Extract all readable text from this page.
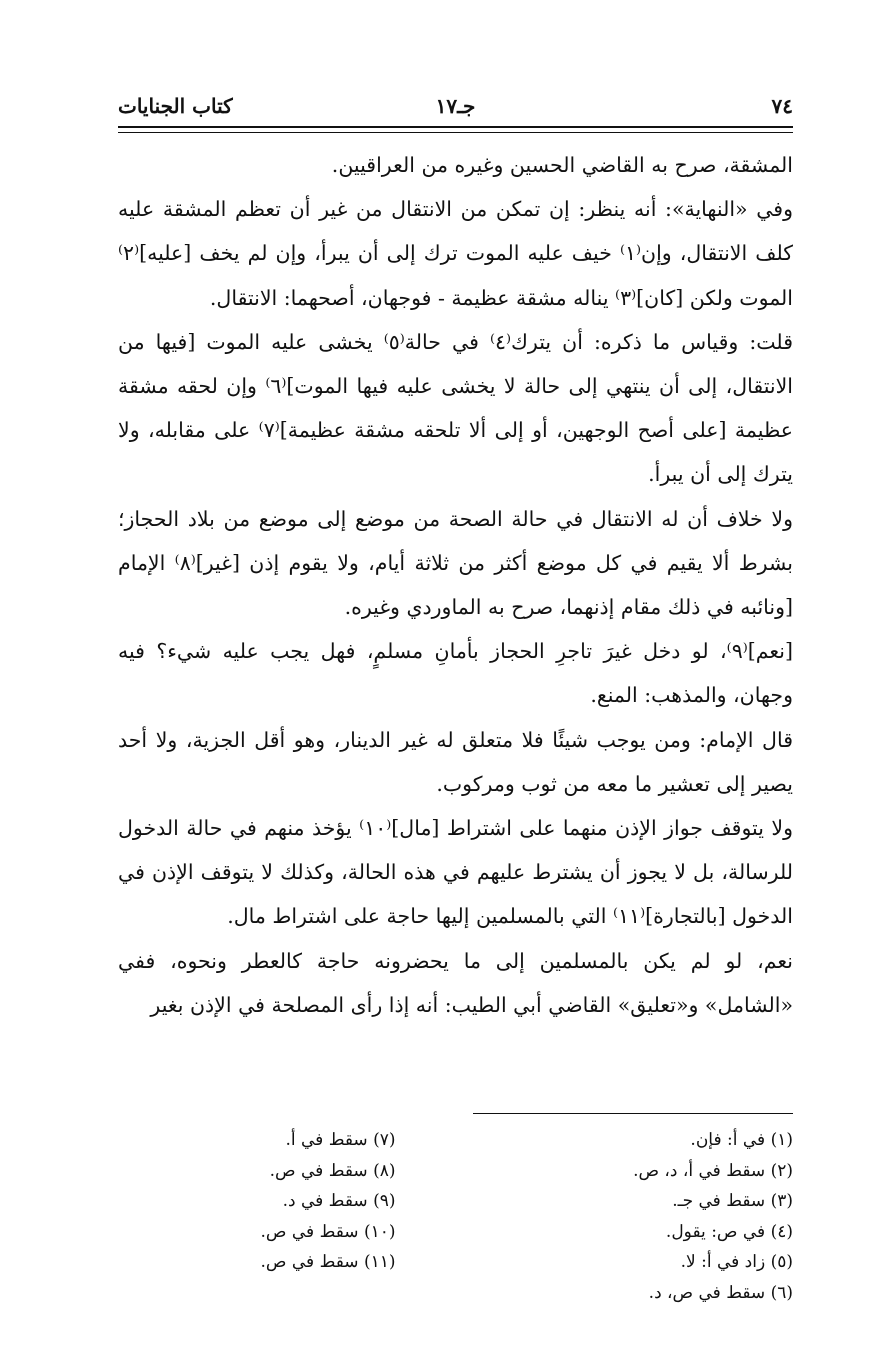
٧٤
جـ١٧
كتاب الجنايات

المشقة، صرح به القاضي الحسين وغيره من العراقيين.

وفي «النهاية»: أنه ينظر: إن تمكن من الانتقال من غير أن تعظم المشقة عليه كلف الانتقال، وإن⁽١⁾ خيف عليه الموت ترك إلى أن يبرأ، وإن لم يخف [عليه]⁽٢⁾ الموت ولكن [كان]⁽٣⁾ يناله مشقة عظيمة - فوجهان، أصحهما: الانتقال.

قلت: وقياس ما ذكره: أن يترك⁽٤⁾ في حالة⁽٥⁾ يخشى عليه الموت [فيها من الانتقال، إلى أن ينتهي إلى حالة لا يخشى عليه فيها الموت]⁽٦⁾ وإن لحقه مشقة عظيمة [على أصح الوجهين، أو إلى ألا تلحقه مشقة عظيمة]⁽٧⁾ على مقابله، ولا يترك إلى أن يبرأ.

ولا خلاف أن له الانتقال في حالة الصحة من موضع إلى موضع من بلاد الحجاز؛ بشرط ألا يقيم في كل موضع أكثر من ثلاثة أيام، ولا يقوم إذن [غير]⁽٨⁾ الإمام [ونائبه في ذلك مقام إذنهما، صرح به الماوردي وغيره.

[نعم]⁽٩⁾، لو دخل غيرَ تاجرِ الحجاز بأمانِ مسلمٍ، فهل يجب عليه شيء؟ فيه وجهان، والمذهب: المنع.

قال الإمام: ومن يوجب شيئًا فلا متعلق له غير الدينار، وهو أقل الجزية، ولا أحد يصير إلى تعشير ما معه من ثوب ومركوب.

ولا يتوقف جواز الإذن منهما على اشتراط [مال]⁽١٠⁾ يؤخذ منهم في حالة الدخول للرسالة، بل لا يجوز أن يشترط عليهم في هذه الحالة، وكذلك لا يتوقف الإذن في الدخول [بالتجارة]⁽١١⁾ التي بالمسلمين إليها حاجة على اشتراط مال.

نعم، لو لم يكن بالمسلمين إلى ما يحضرونه حاجة كالعطر ونحوه، ففي «الشامل» و«تعليق» القاضي أبي الطيب: أنه إذا رأى المصلحة في الإذن بغير

(١) في أ: فإن.
(٢) سقط في أ، د، ص.
(٣) سقط في جـ.
(٤) في ص: يقول.
(٥) زاد في أ: لا.
(٦) سقط في ص، د.
(٧) سقط في أ.
(٨) سقط في ص.
(٩) سقط في د.
(١٠) سقط في ص.
(١١) سقط في ص.
